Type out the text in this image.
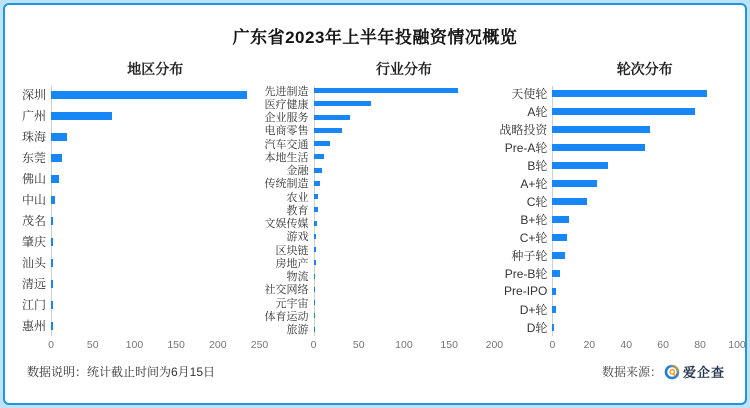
广东省2023年上半年投融资情况概览
地区分布
深圳
广州
珠海
东莞
佛山
中山
茂名
肇庆
汕头
清远
江门
惠州
0	50	100 150 200 250
行业分布
先进制造
医疗健康
企业服务
电商零售
汽车交通
本地生活
金融
传统制造
农业
教育
文娱传媒
游戏
区块链
房地产
物流
社交网络
元宇宙
体育运动
旅游
0	50	100	150	200
轮次分布
天使轮
A轮
战略投资
Pre-A轮
B轮
A+轮
C轮
B+轮
C+轮
种子轮
Pre-B轮
Pre-IPO
D+轮
D轮
0	20 40 60 80 100
数据说明：统计截止时间为6月15日	数据来源： 爱企查
